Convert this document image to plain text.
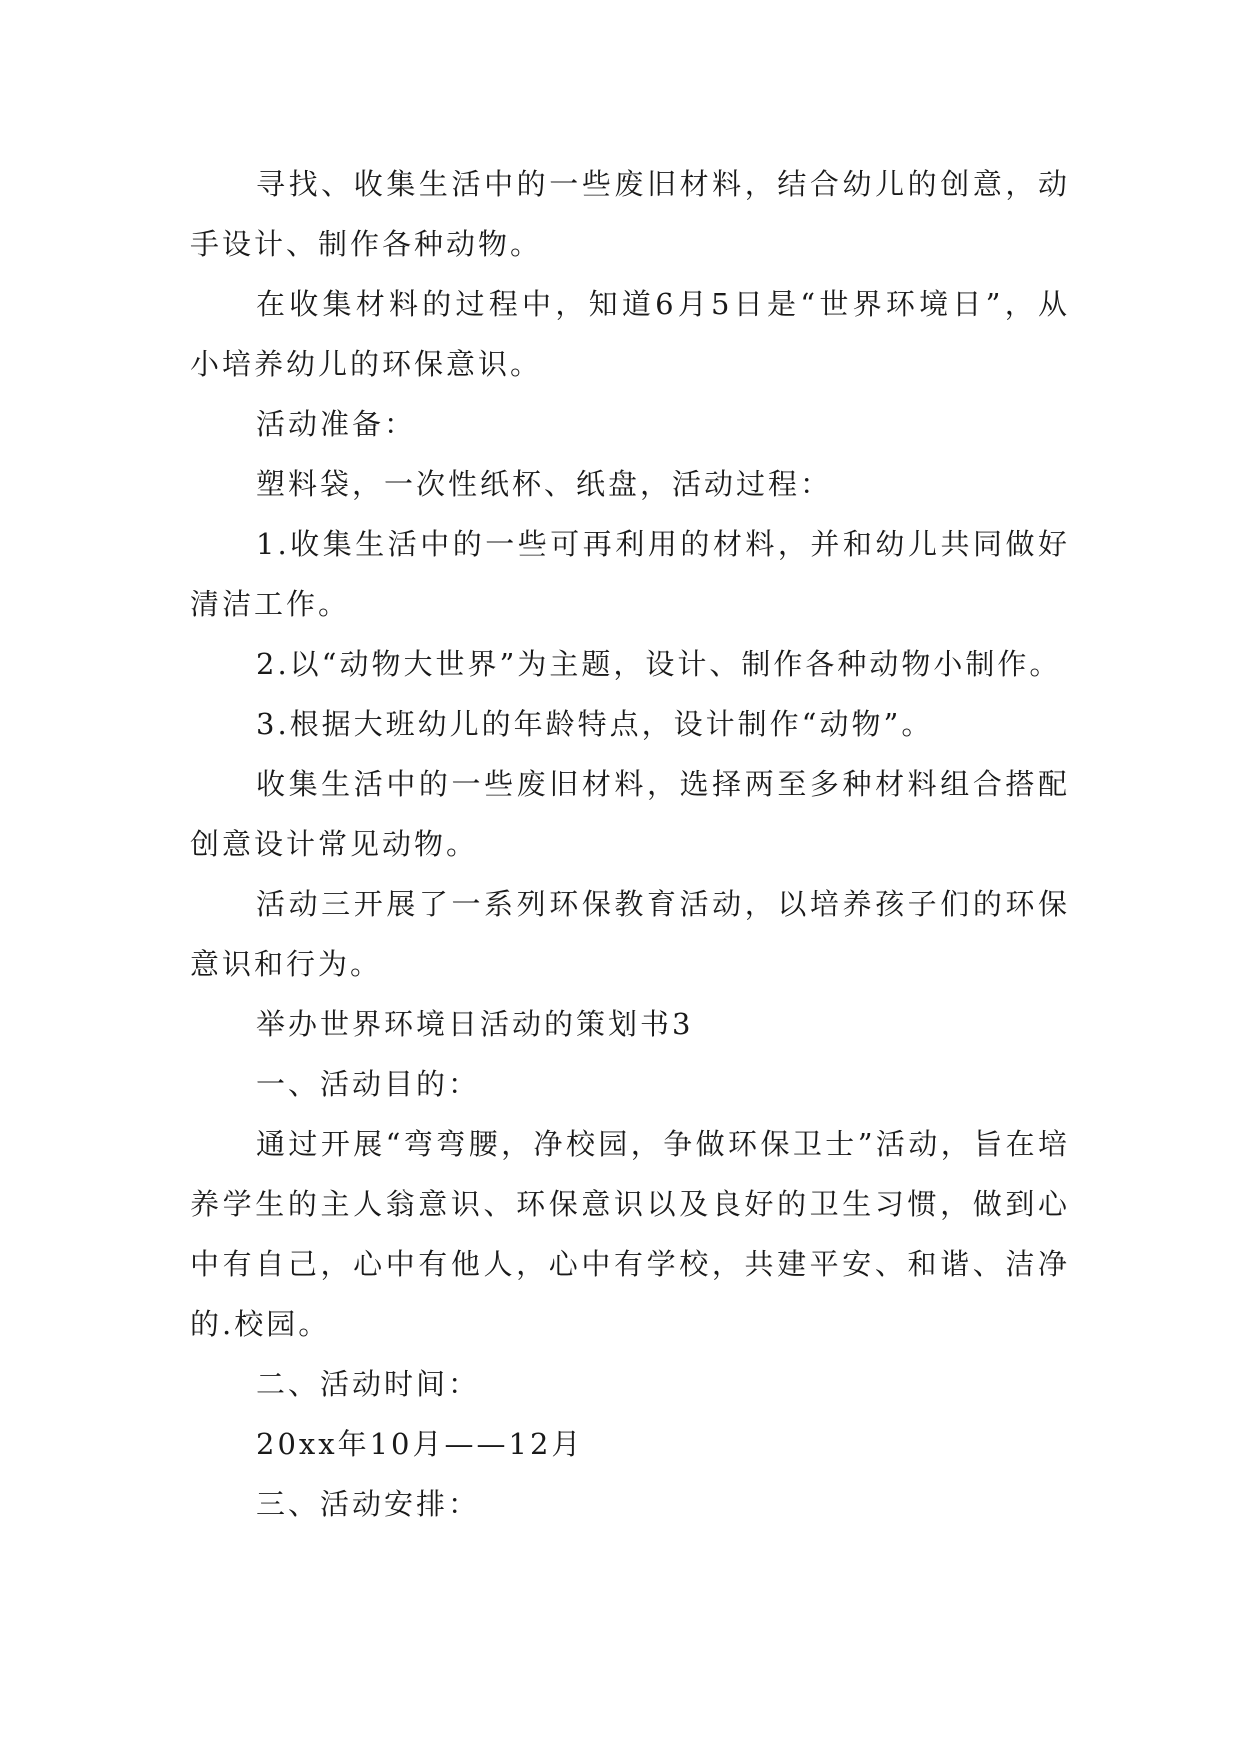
寻找、收集生活中的一些废旧材料，结合幼儿的创意，动手设计、制作各种动物。

在收集材料的过程中，知道6月5日是“世界环境日”，从小培养幼儿的环保意识。

活动准备：

塑料袋，一次性纸杯、纸盘，活动过程：

1.收集生活中的一些可再利用的材料，并和幼儿共同做好清洁工作。

2.以“动物大世界”为主题，设计、制作各种动物小制作。

3.根据大班幼儿的年龄特点，设计制作“动物”。

收集生活中的一些废旧材料，选择两至多种材料组合搭配创意设计常见动物。

活动三开展了一系列环保教育活动，以培养孩子们的环保意识和行为。

举办世界环境日活动的策划书3

一、活动目的：

通过开展“弯弯腰，净校园，争做环保卫士”活动，旨在培养学生的主人翁意识、环保意识以及良好的卫生习惯，做到心中有自己，心中有他人，心中有学校，共建平安、和谐、洁净的.校园。

二、活动时间：

20xx年10月——12月

三、活动安排：
